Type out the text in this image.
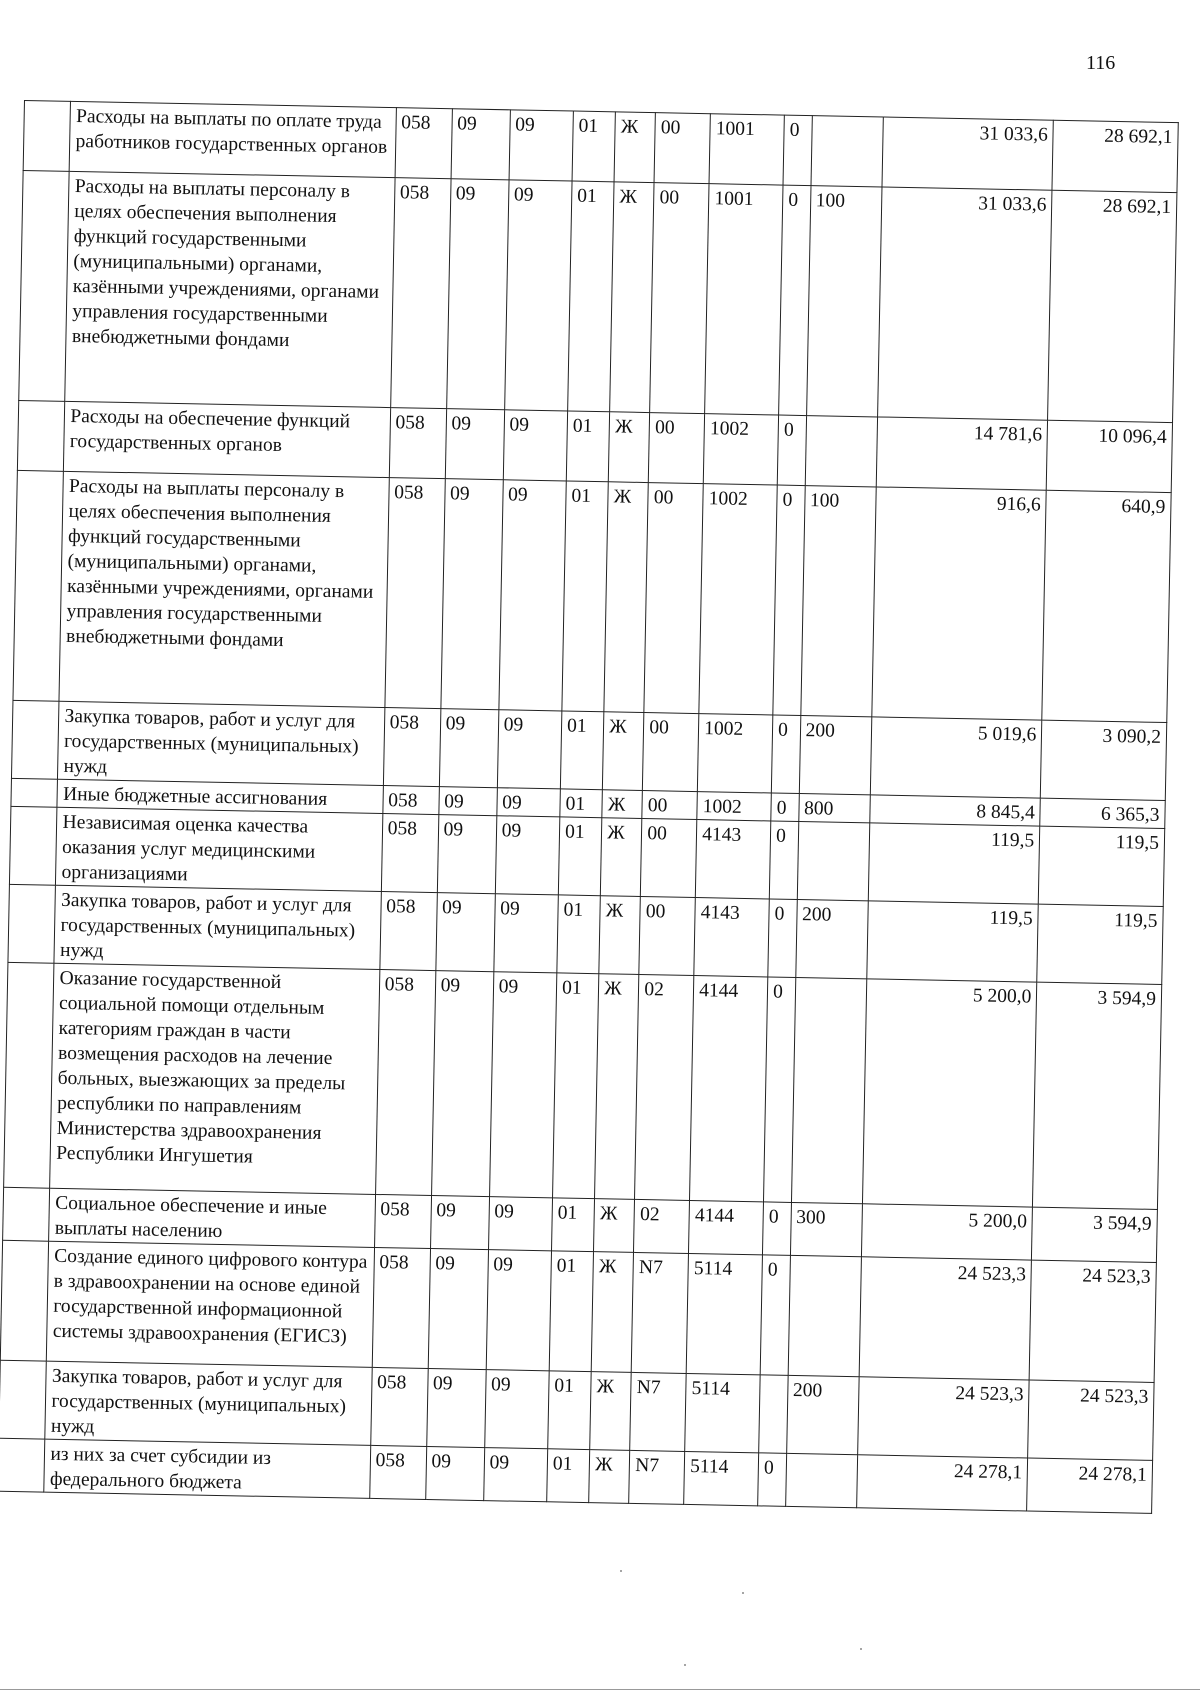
116
	Расходы на выплаты по оплате труда работников государственных органов	058	09	09	01	Ж	00	1001	0		31 033,6	28 692,1
	Расходы на выплаты персоналу в целях обеспечения выполнения функций государственными (муниципальными) органами, казёнными учреждениями, органами управления государственными внебюджетными фондами	058	09	09	01	Ж	00	1001	0	100	31 033,6	28 692,1
	Расходы на обеспечение функций государственных органов	058	09	09	01	Ж	00	1002	0		14 781,6	10 096,4
	Расходы на выплаты персоналу в целях обеспечения выполнения функций государственными (муниципальными) органами, казёнными учреждениями, органами управления государственными внебюджетными фондами	058	09	09	01	Ж	00	1002	0	100	916,6	640,9
	Закупка товаров, работ и услуг для государственных (муниципальных) нужд	058	09	09	01	Ж	00	1002	0	200	5 019,6	3 090,2
	Иные бюджетные ассигнования	058	09	09	01	Ж	00	1002	0	800	8 845,4	6 365,3
	Независимая оценка качества оказания услуг медицинскими организациями	058	09	09	01	Ж	00	4143	0		119,5	119,5
	Закупка товаров, работ и услуг для государственных (муниципальных) нужд	058	09	09	01	Ж	00	4143	0	200	119,5	119,5
	Оказание государственной социальной помощи отдельным категориям граждан в части возмещения расходов на лечение больных, выезжающих за пределы республики по направлениям Министерства здравоохранения Республики Ингушетия	058	09	09	01	Ж	02	4144	0		5 200,0	3 594,9
	Социальное обеспечение и иные выплаты населению	058	09	09	01	Ж	02	4144	0	300	5 200,0	3 594,9
	Создание единого цифрового контура в здравоохранении на основе единой государственной информационной системы здравоохранения (ЕГИСЗ)	058	09	09	01	Ж	N7	5114	0		24 523,3	24 523,3
	Закупка товаров, работ и услуг для государственных (муниципальных) нужд	058	09	09	01	Ж	N7	5114		200	24 523,3	24 523,3
	из них за счет субсидии из федерального бюджета	058	09	09	01	Ж	N7	5114	0		24 278,1	24 278,1
